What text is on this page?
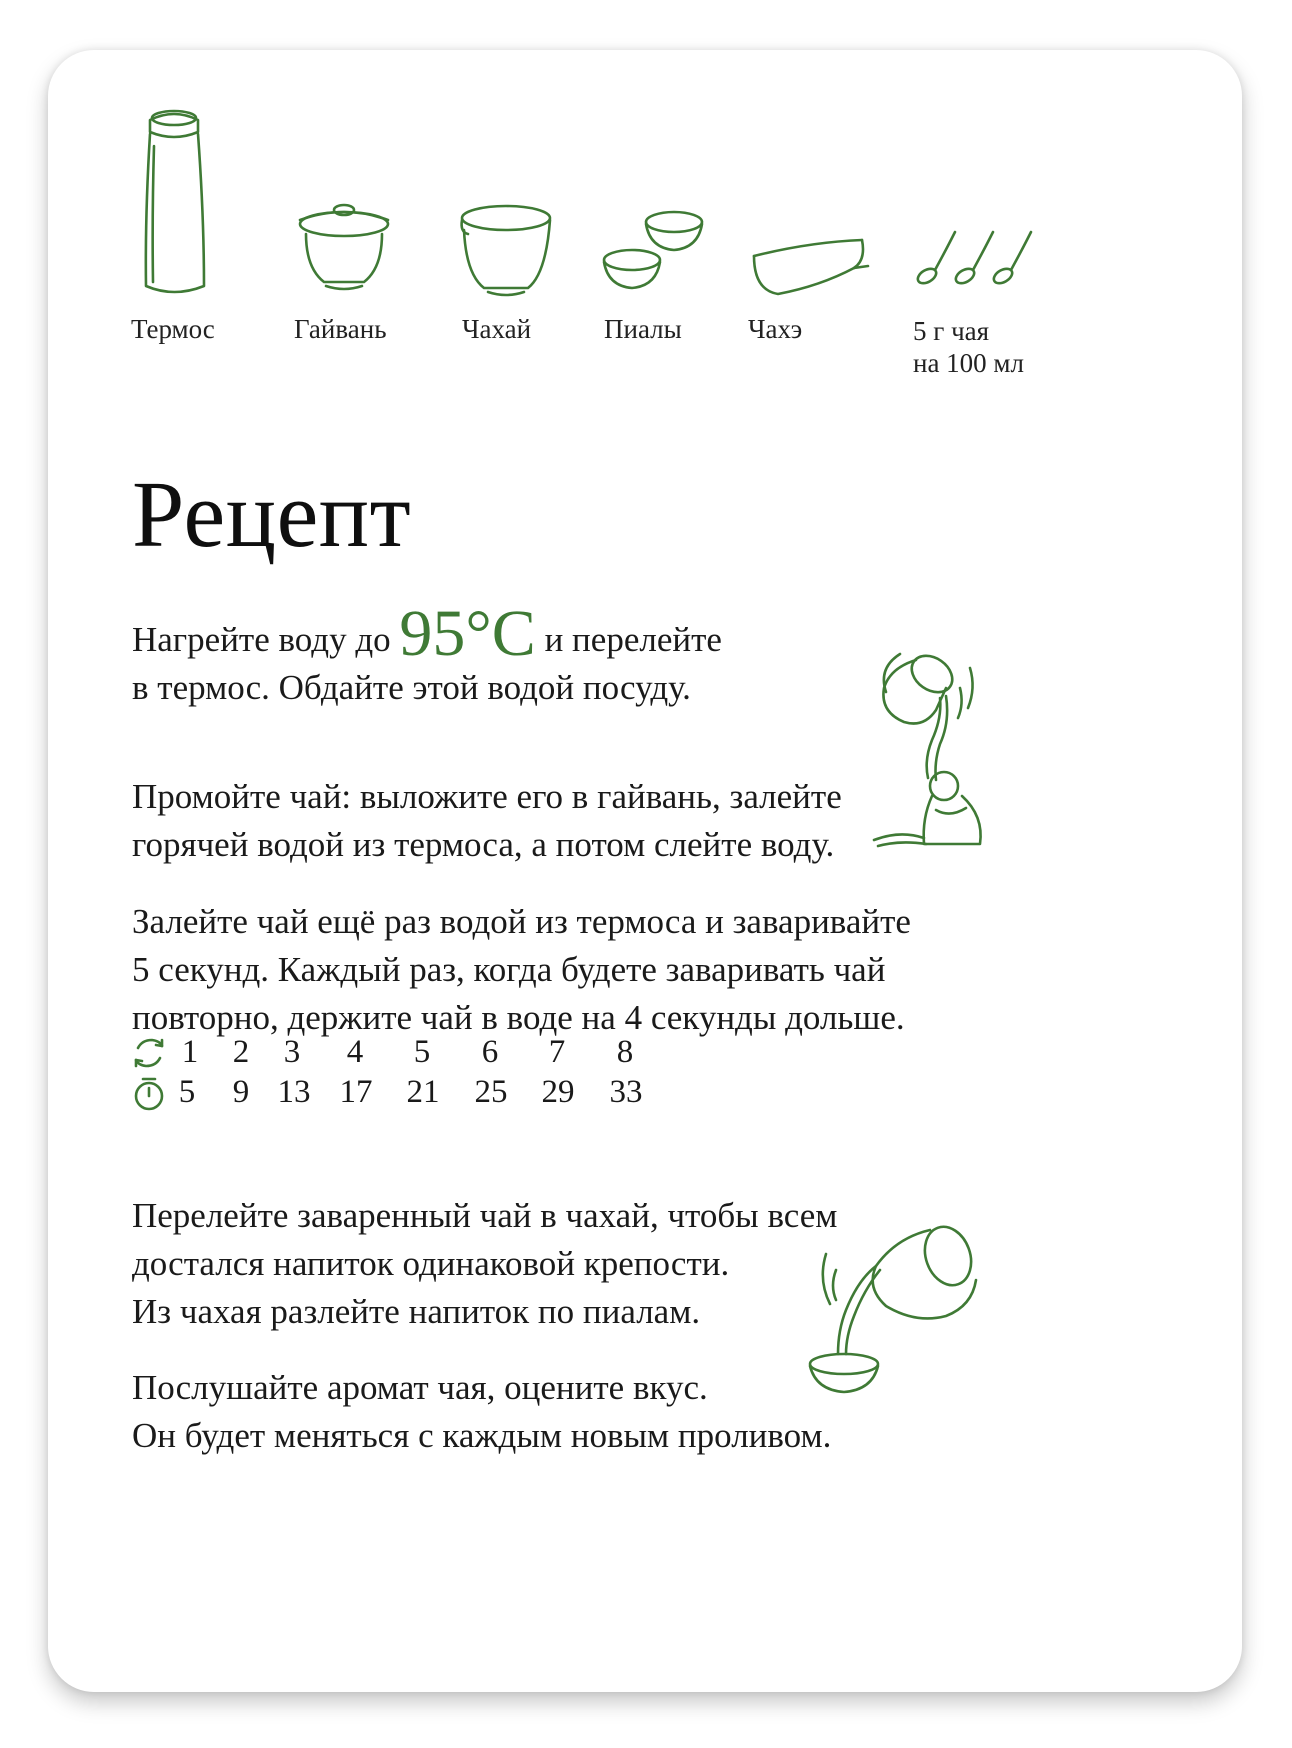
Термос	Гайвань	Чахай	Пиалы Чахэ	5 г чая
на 100 мл
Рецепт
Нагрейте воду до 95°C и перелейте
в термос. Обдайте этой водой посуду.
Промойте чай: выложите его в гайвань, залейте
горячей водой из термоса, а потом слейте воду.
Залейте чай ещё раз водой из термоса и заваривайте
5 секунд. Каждый раз, когда будете заваривать чай
повторно, держите чай в воде на 4 секунды дольше.
1	2	3	4	5	6	7	8
5	9 13 17 21 25 29 33
Перелейте заваренный чай в чахай, чтобы всем
достался напиток одинаковой крепости.
Из чахая разлейте напиток по пиалам.
Послушайте аромат чая, оцените вкус.
Он будет меняться с каждым новым проливом.
